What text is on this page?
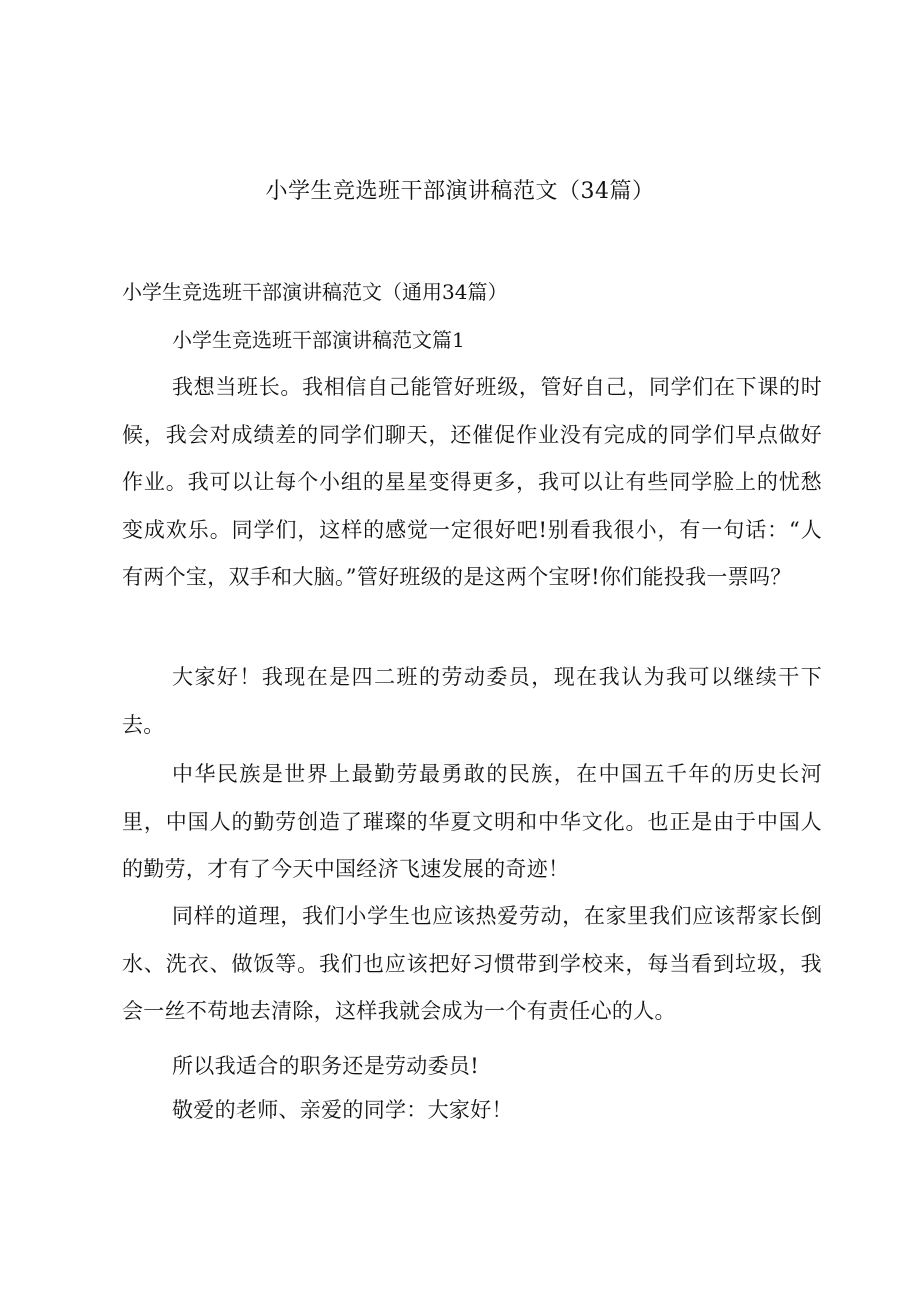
小学生竞选班干部演讲稿范文（34篇）

小学生竞选班干部演讲稿范文（通用34篇）

小学生竞选班干部演讲稿范文篇1

我想当班长。我相信自己能管好班级，管好自己，同学们在下课的时候，我会对成绩差的同学们聊天，还催促作业没有完成的同学们早点做好作业。我可以让每个小组的星星变得更多，我可以让有些同学脸上的忧愁变成欢乐。同学们，这样的感觉一定很好吧!别看我很小，有一句话：“人有两个宝，双手和大脑。”管好班级的是这两个宝呀!你们能投我一票吗？

大家好！我现在是四二班的劳动委员，现在我认为我可以继续干下去。

中华民族是世界上最勤劳最勇敢的民族，在中国五千年的历史长河里，中国人的勤劳创造了璀璨的华夏文明和中华文化。也正是由于中国人的勤劳，才有了今天中国经济飞速发展的奇迹！

同样的道理，我们小学生也应该热爱劳动，在家里我们应该帮家长倒水、洗衣、做饭等。我们也应该把好习惯带到学校来，每当看到垃圾，我会一丝不苟地去清除，这样我就会成为一个有责任心的人。

所以我适合的职务还是劳动委员!

敬爱的老师、亲爱的同学：大家好！
